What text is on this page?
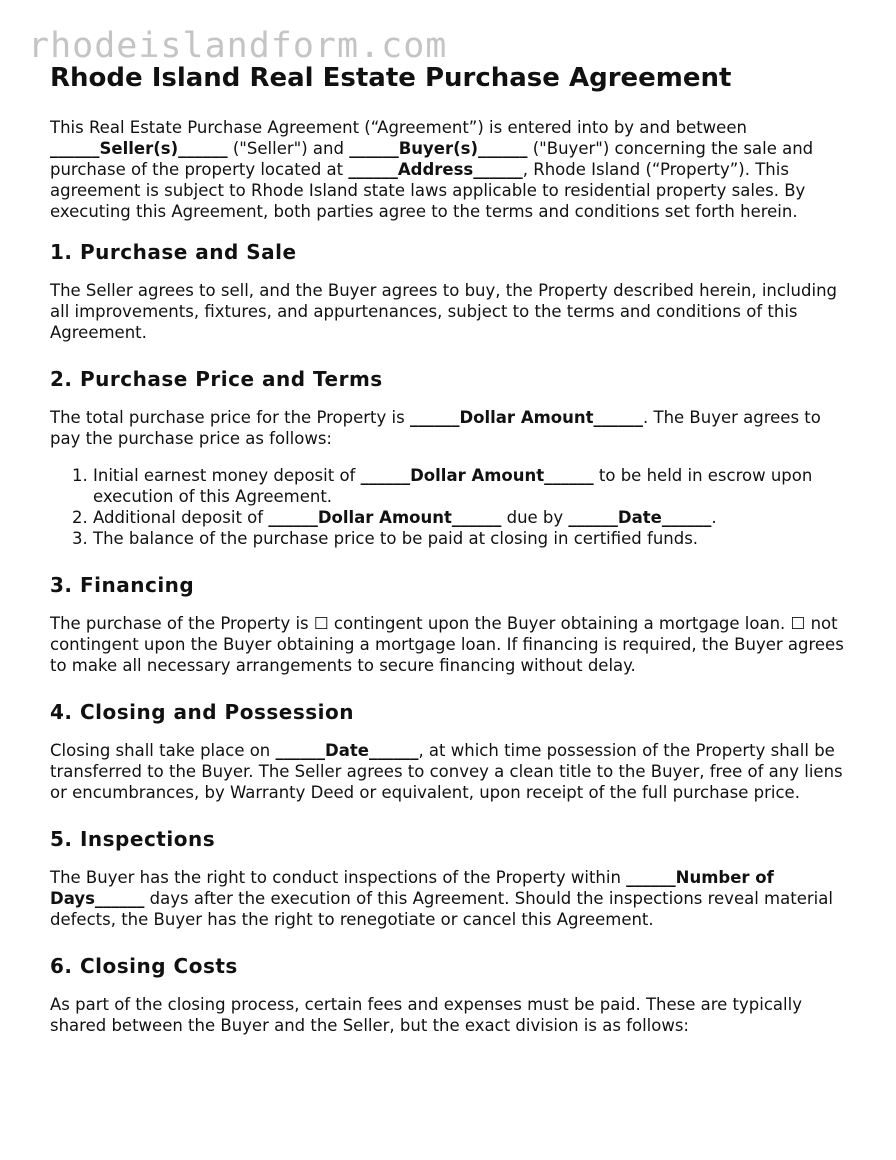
rhodeislandform.com
Rhode Island Real Estate Purchase Agreement

This Real Estate Purchase Agreement (“Agreement”) is entered into by and between ______Seller(s)______ ("Seller") and ______Buyer(s)______ ("Buyer") concerning the sale and purchase of the property located at ______Address______, Rhode Island (“Property”). This agreement is subject to Rhode Island state laws applicable to residential property sales. By executing this Agreement, both parties agree to the terms and conditions set forth herein.

1. Purchase and Sale

The Seller agrees to sell, and the Buyer agrees to buy, the Property described herein, including all improvements, fixtures, and appurtenances, subject to the terms and conditions of this Agreement.

2. Purchase Price and Terms

The total purchase price for the Property is ______Dollar Amount______. The Buyer agrees to pay the purchase price as follows:

1. Initial earnest money deposit of ______Dollar Amount______ to be held in escrow upon execution of this Agreement.
2. Additional deposit of ______Dollar Amount______ due by ______Date______.
3. The balance of the purchase price to be paid at closing in certified funds.
3. Financing

The purchase of the Property is ☐ contingent upon the Buyer obtaining a mortgage loan. ☐ not contingent upon the Buyer obtaining a mortgage loan. If financing is required, the Buyer agrees to make all necessary arrangements to secure financing without delay.

4. Closing and Possession

Closing shall take place on ______Date______, at which time possession of the Property shall be transferred to the Buyer. The Seller agrees to convey a clean title to the Buyer, free of any liens or encumbrances, by Warranty Deed or equivalent, upon receipt of the full purchase price.

5. Inspections

The Buyer has the right to conduct inspections of the Property within ______Number of Days______ days after the execution of this Agreement. Should the inspections reveal material defects, the Buyer has the right to renegotiate or cancel this Agreement.

6. Closing Costs

As part of the closing process, certain fees and expenses must be paid. These are typically shared between the Buyer and the Seller, but the exact division is as follows:
